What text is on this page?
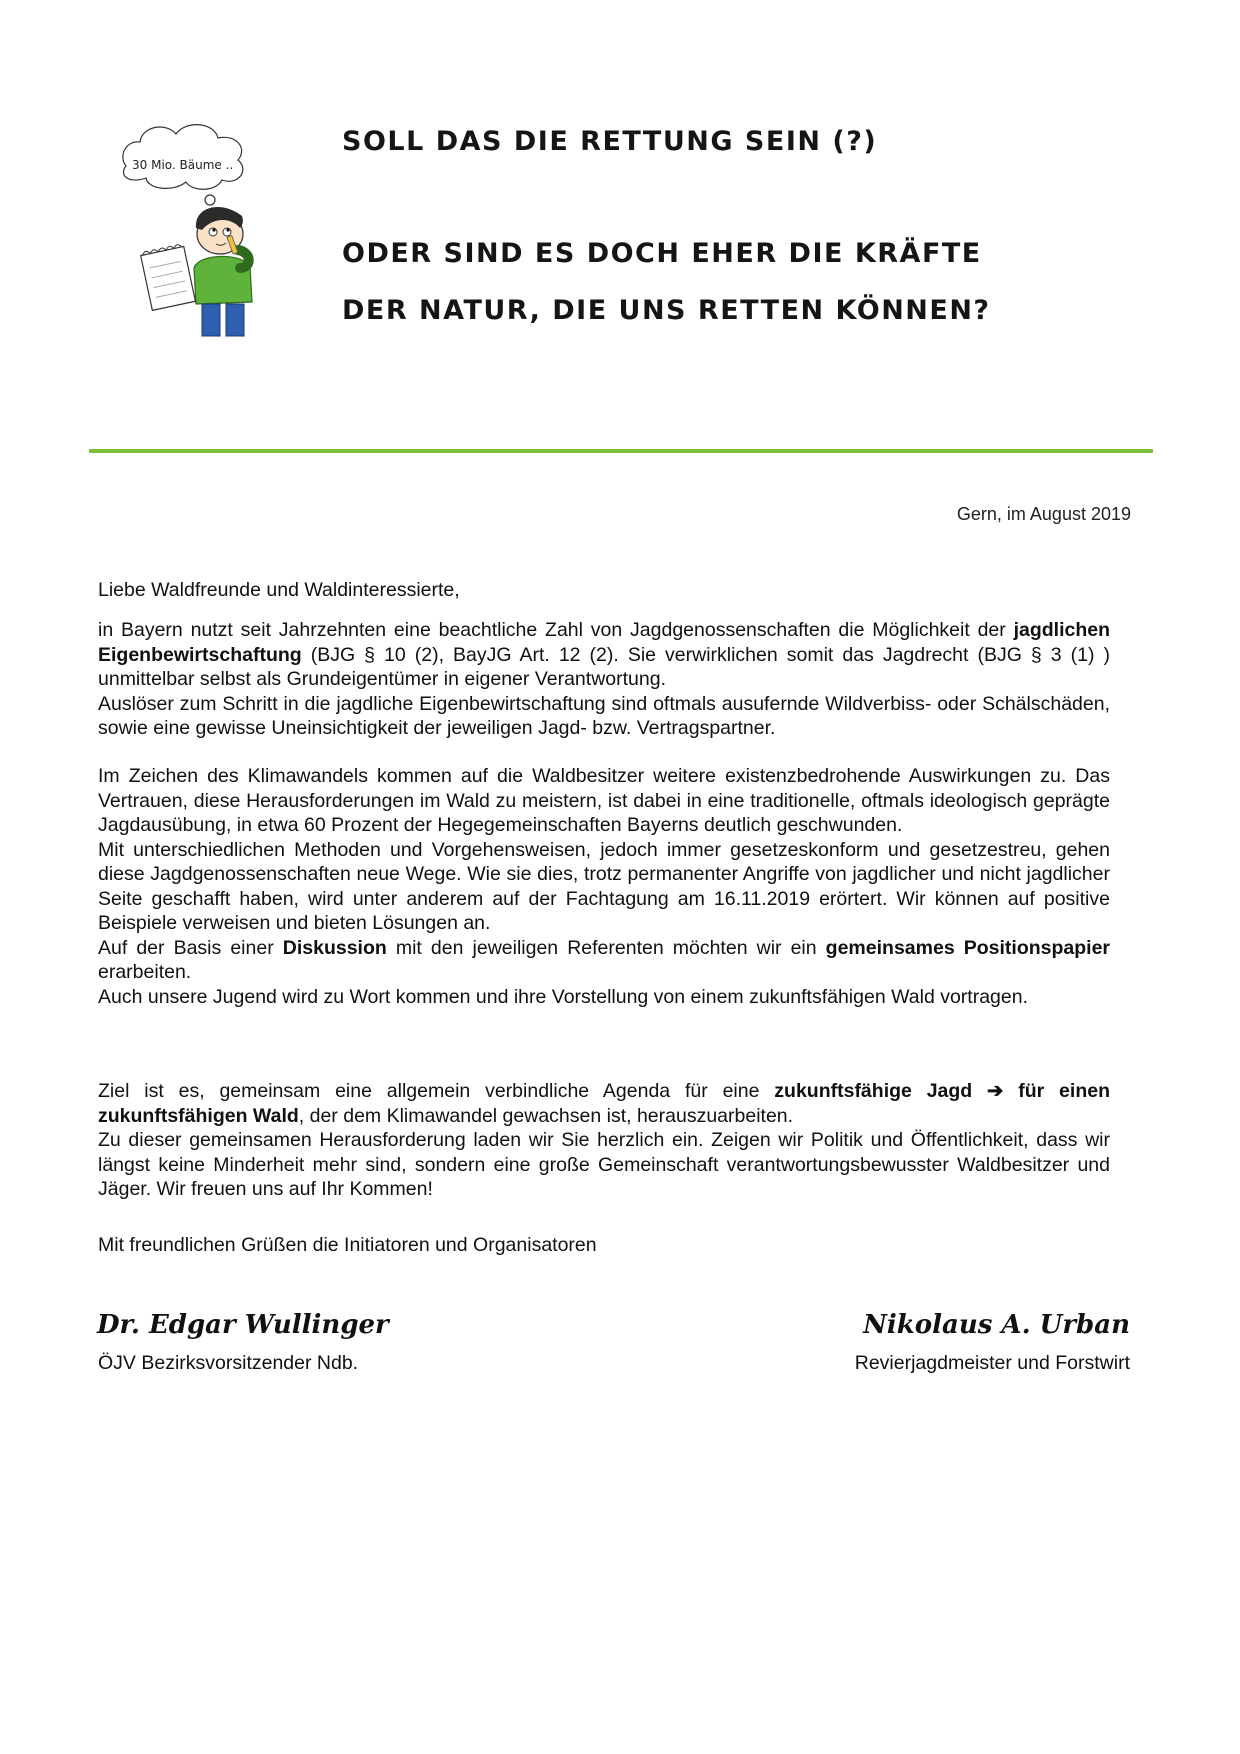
30 Mio. Bäume ..
SOLL DAS DIE RETTUNG SEIN (?)
ODER SIND ES DOCH EHER DIE KRÄFTE
DER NATUR, DIE UNS RETTEN KÖNNEN?
Gern, im August 2019

Liebe Waldfreunde und Waldinteressierte,

in Bayern nutzt seit Jahrzehnten eine beachtliche Zahl von Jagdgenossenschaften die Möglichkeit der jagdlichen Eigenbewirtschaftung (BJG § 10 (2), BayJG Art. 12 (2). Sie verwirklichen somit das Jagdrecht (BJG § 3 (1) ) unmittelbar selbst als Grundeigentümer in eigener Verantwortung.

Auslöser zum Schritt in die jagdliche Eigenbewirtschaftung sind oftmals ausufernde Wildverbiss- oder Schälschäden, sowie eine gewisse Uneinsichtigkeit der jeweiligen Jagd- bzw. Vertragspartner.

Im Zeichen des Klimawandels kommen auf die Waldbesitzer weitere existenzbedrohende Auswirkungen zu. Das Vertrauen, diese Herausforderungen im Wald zu meistern, ist dabei in eine traditionelle, oftmals ideologisch geprägte Jagdausübung, in etwa 60 Prozent der Hegegemeinschaften Bayerns deutlich geschwunden.

Mit unterschiedlichen Methoden und Vorgehensweisen, jedoch immer gesetzeskonform und gesetzestreu, gehen diese Jagdgenossenschaften neue Wege. Wie sie dies, trotz permanenter Angriffe von jagdlicher und nicht jagdlicher Seite geschafft haben, wird unter anderem auf der Fachtagung am 16.11.2019 erörtert. Wir können auf positive Beispiele verweisen und bieten Lösungen an.

Auf der Basis einer Diskussion mit den jeweiligen Referenten möchten wir ein gemeinsames Positionspapier erarbeiten.

Auch unsere Jugend wird zu Wort kommen und ihre Vorstellung von einem zukunftsfähigen Wald vortragen.

Ziel ist es, gemeinsam eine allgemein verbindliche Agenda für eine zukunftsfähige Jagd ➔ für einen zukunftsfähigen Wald, der dem Klimawandel gewachsen ist, herauszuarbeiten.

Zu dieser gemeinsamen Herausforderung laden wir Sie herzlich ein. Zeigen wir Politik und Öffentlichkeit, dass wir längst keine Minderheit mehr sind, sondern eine große Gemeinschaft verantwortungsbewusster Waldbesitzer und Jäger. Wir freuen uns auf Ihr Kommen!

Mit freundlichen Grüßen die Initiatoren und Organisatoren

Dr. Edgar Wullinger	Nikolaus A. Urban
ÖJV Bezirksvorsitzender Ndb.	Revierjagdmeister und Forstwirt
